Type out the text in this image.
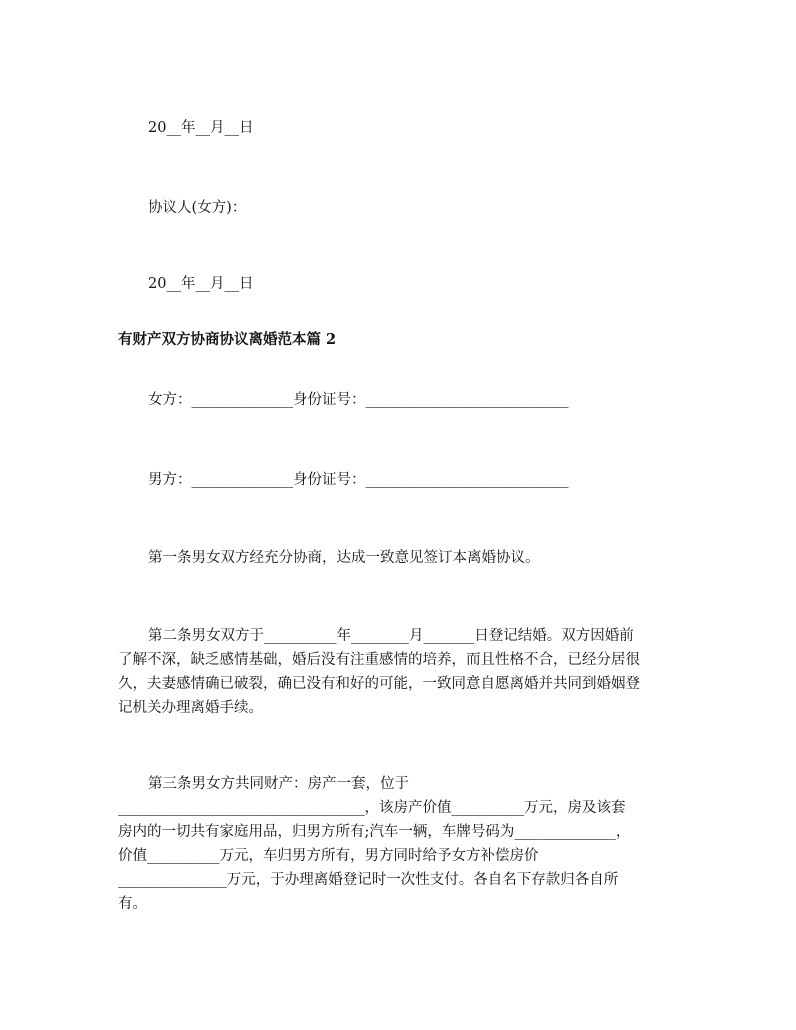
20__年__月__日
协议人(女方)：
20__年__月__日
有财产双方协商协议离婚范本篇 2
女方：______________身份证号：____________________________
男方：______________身份证号：____________________________
第一条男女双方经充分协商，达成一致意见签订本离婚协议。
第二条男女双方于__________年________月_______日登记结婚。双方因婚前
了解不深，缺乏感情基础，婚后没有注重感情的培养，而且性格不合，已经分居很
久，夫妻感情确已破裂，确已没有和好的可能，一致同意自愿离婚并共同到婚姻登
记机关办理离婚手续。
第三条男女方共同财产：房产一套，位于
__________________________________，该房产价值__________万元，房及该套
房内的一切共有家庭用品，归男方所有;汽车一辆，车牌号码为______________，
价值__________万元，车归男方所有，男方同时给予女方补偿房价
_______________万元，于办理离婚登记时一次性支付。各自名下存款归各自所
有。
